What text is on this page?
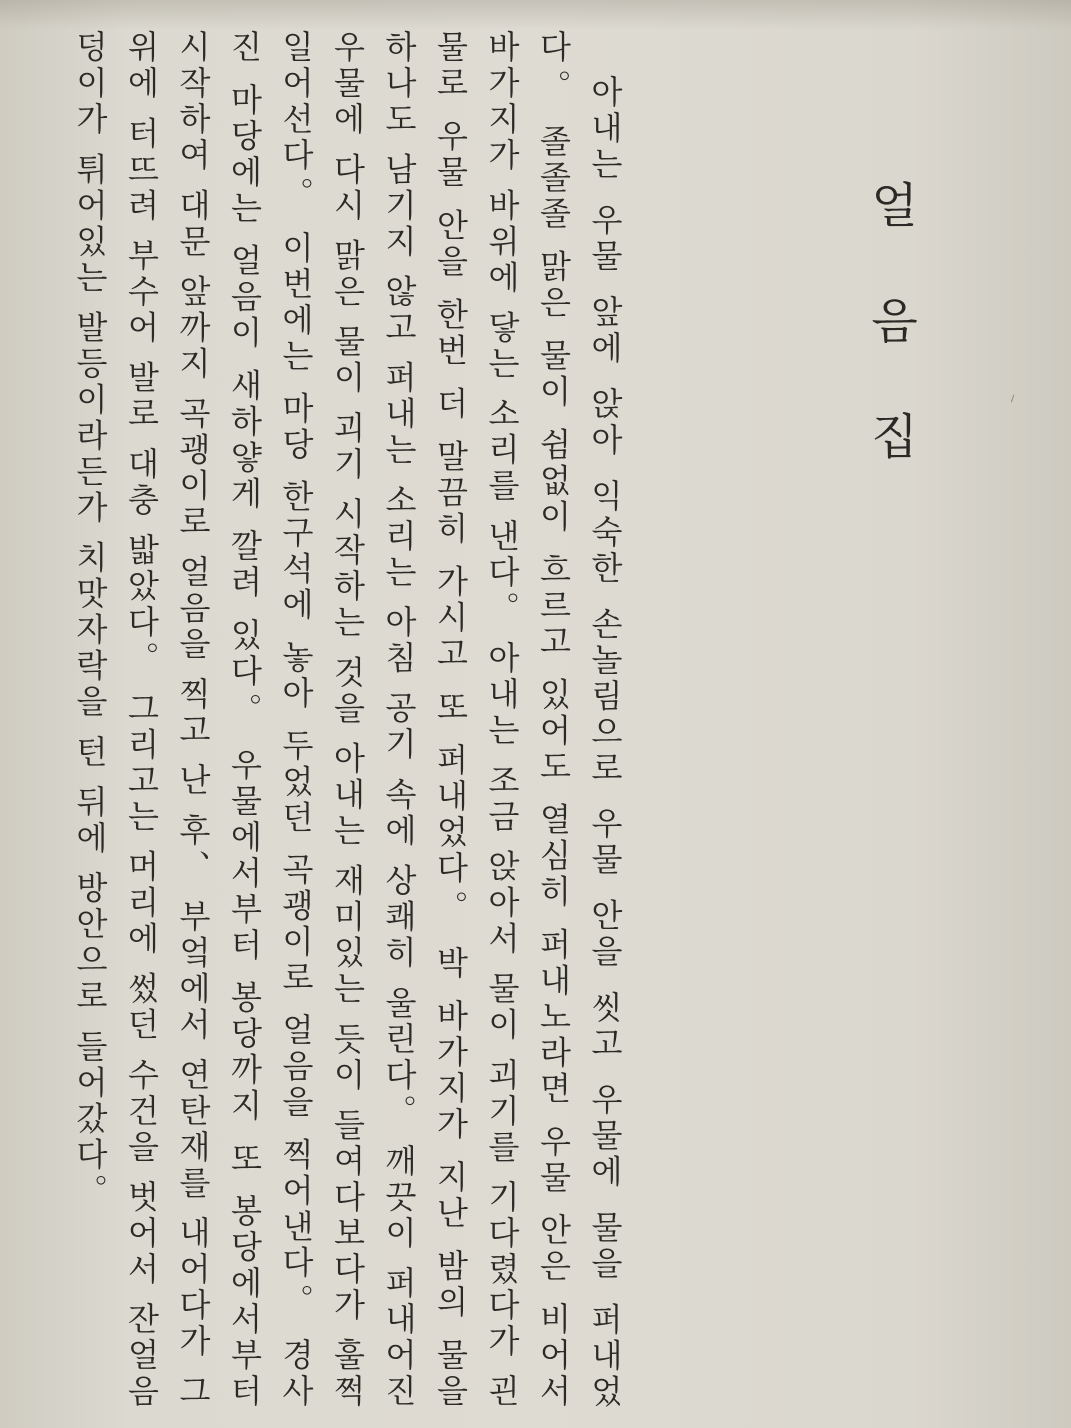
얼 음 집

아내는 우물 앞에 앉아 익숙한 손놀림으로 우물 안을 씻고 우물에 물을 퍼내었다。 졸졸졸 맑은 물이 쉼없이 흐르고 있어도 열심히 퍼내노라면 우물 안은 비어서 바가지가 바위에 닿는 소리를 낸다。 아내는 조금 앉아서 물이 괴기를 기다렸다가 괸 물로 우물 안을 한번 더 말끔히 가시고 또 퍼내었다。 박 바가지가 지난 밤의 물을 하나도 남기지 않고 퍼내는 소리는 아침 공기 속에 상쾌히 울린다。 깨끗이 퍼내어진 우물에 다시 맑은 물이 괴기 시작하는 것을 아내는 재미있는 듯이 들여다보다가 훌쩍 일어선다。 이번에는 마당 한구석에 놓아 두었던 곡괭이로 얼음을 찍어낸다。 경사진 마당에는 얼음이 새하얗게 깔려 있다。 우물에서부터 봉당까지 또 봉당에서부터 시작하여 대문 앞까지 곡괭이로 얼음을 찍고 난 후、 부엌에서 연탄재를 내어다가 그 위에 터뜨려 부수어 발로 대충 밟았다。 그리고는 머리에 썼던 수건을 벗어서 잔얼음덩이가 튀어있는 발등이라든가 치맛자락을 턴 뒤에 방안으로 들어갔다。
